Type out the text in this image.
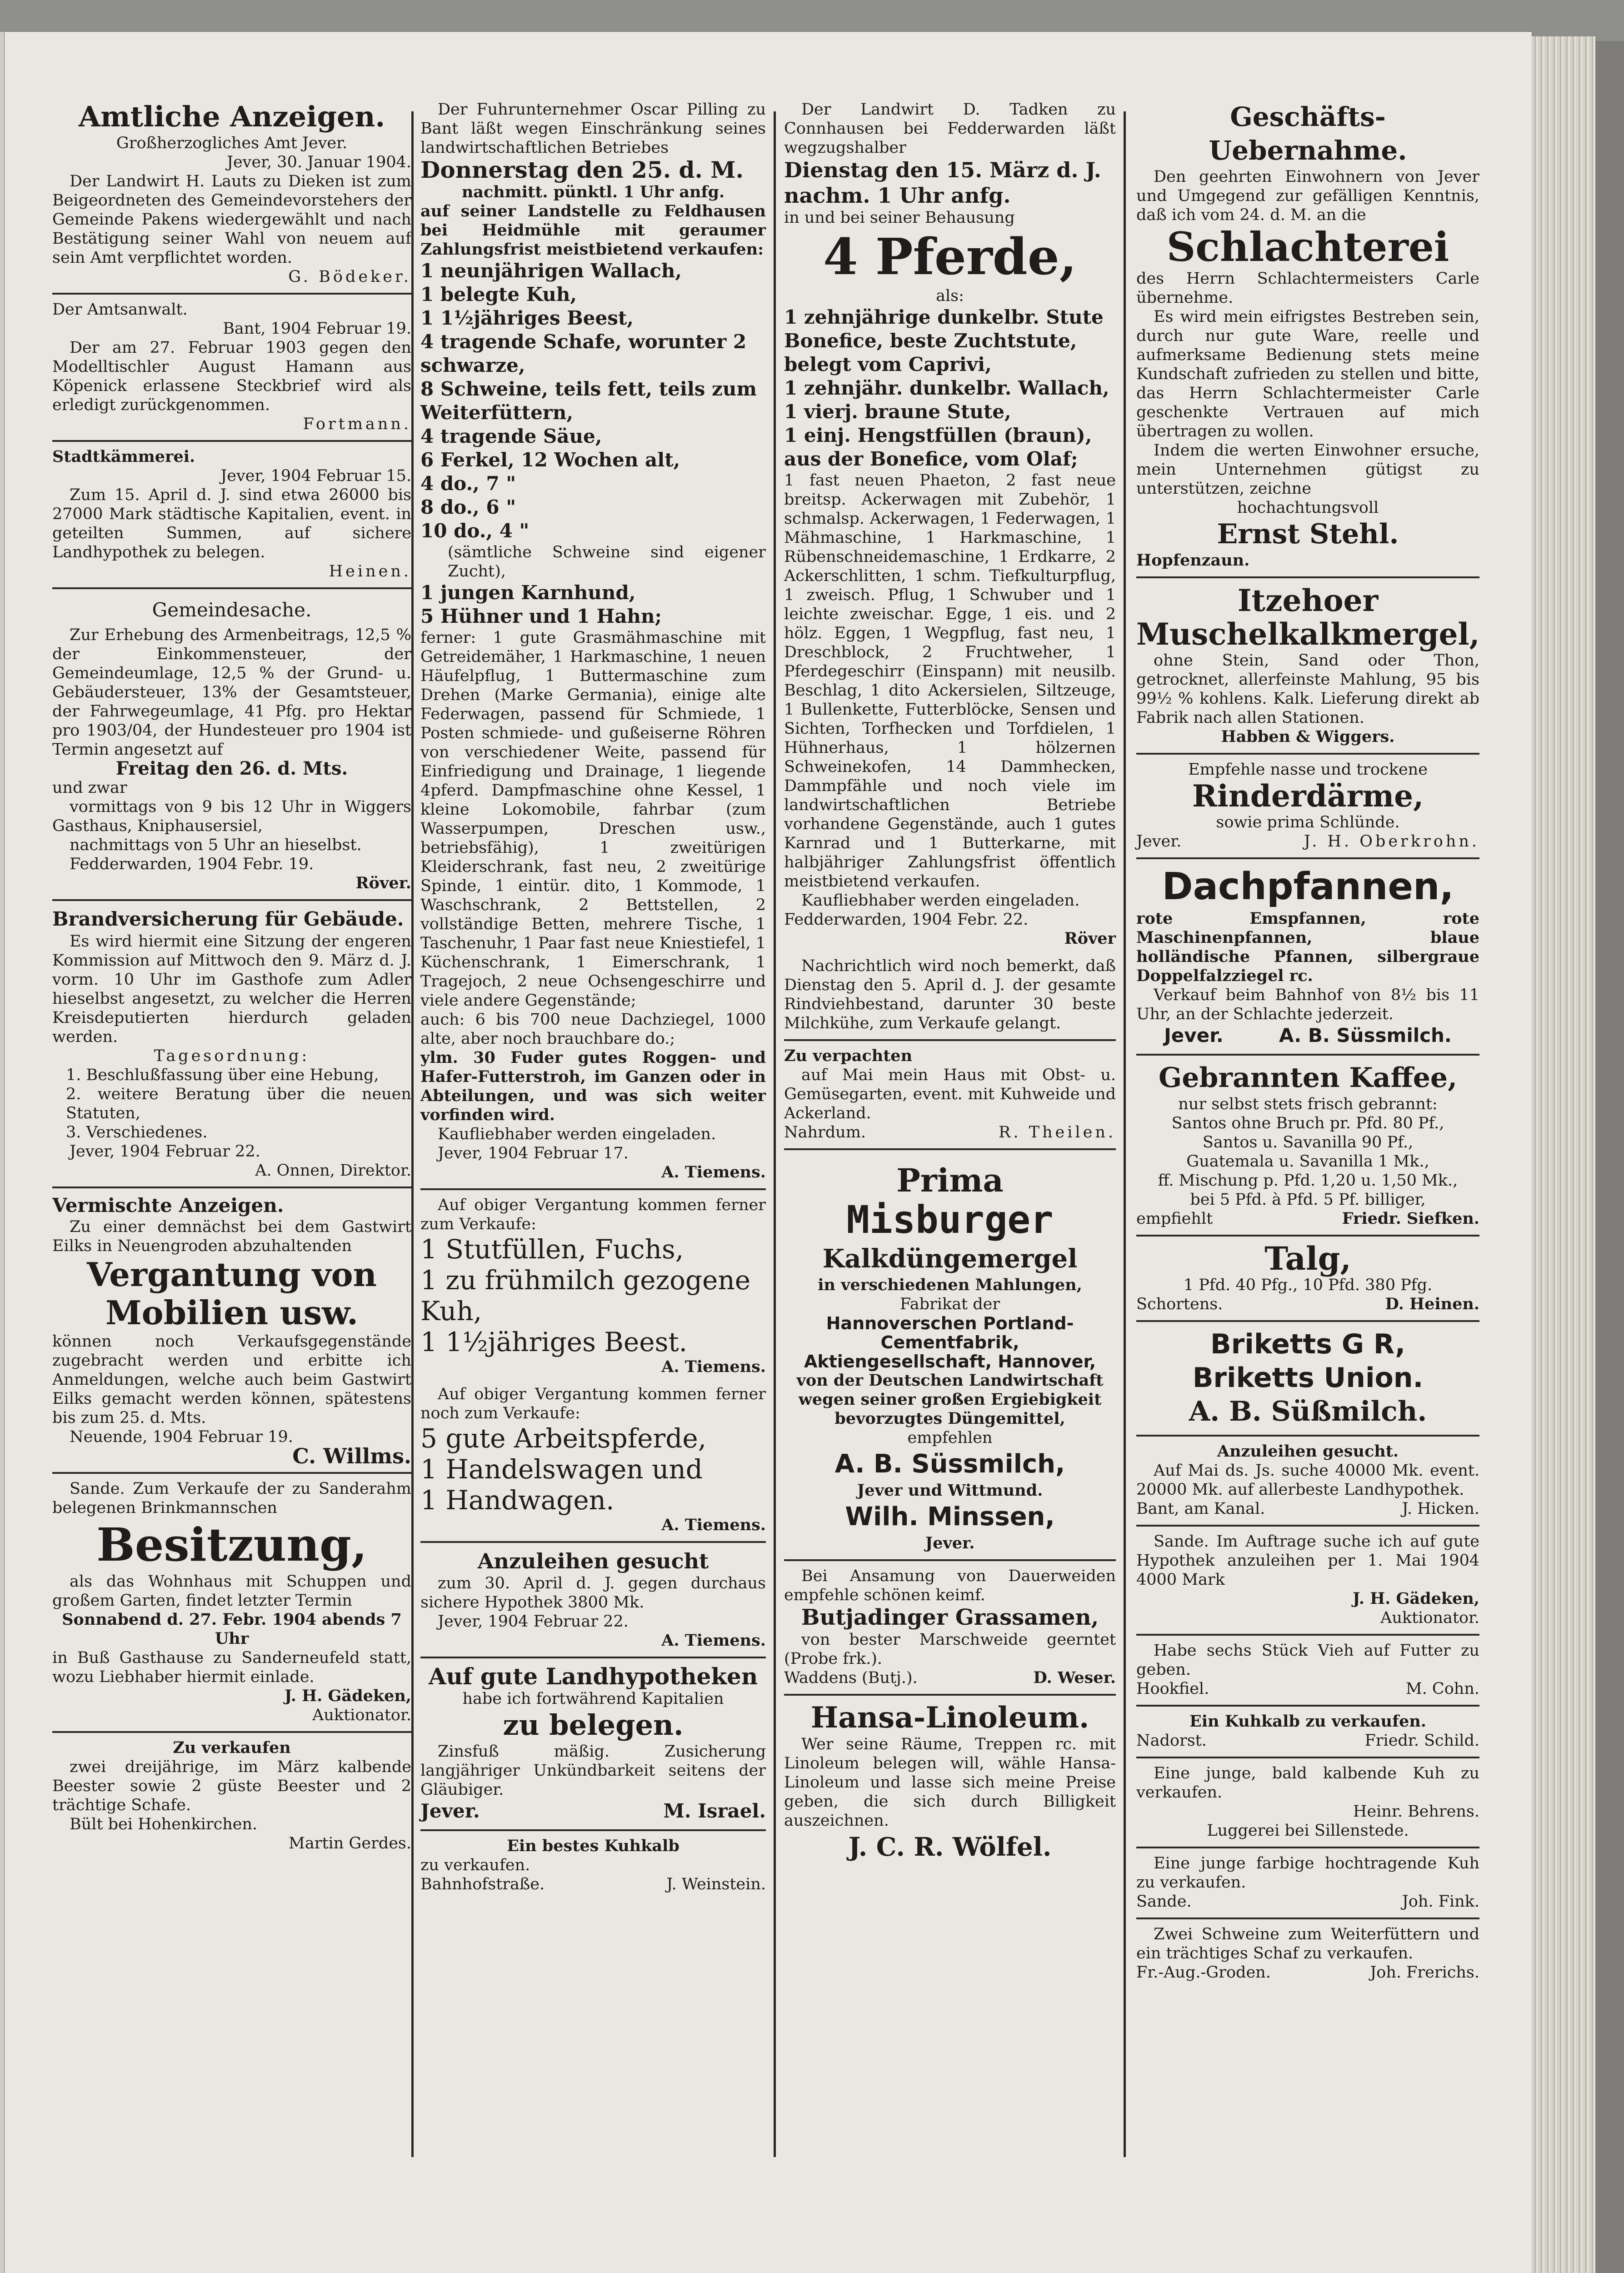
Amtliche Anzeigen.

Großherzogliches Amt Jever.

Jever, 30. Januar 1904.

Der Landwirt H. Lauts zu Dieken ist zum Beigeordneten des Gemeindevorstehers der Gemeinde Pakens wiedergewählt und nach Bestätigung seiner Wahl von neuem auf sein Amt verpflichtet worden.

G. Bödeker.

Der Amtsanwalt.

Bant, 1904 Februar 19.

Der am 27. Februar 1903 gegen den Modelltischler August Hamann aus Köpenick erlassene Steckbrief wird als erledigt zurückgenommen.

Fortmann.

Stadtkämmerei.

Jever, 1904 Februar 15.

Zum 15. April d. J. sind etwa 26000 bis 27000 Mark städtische Kapitalien, event. in geteilten Summen, auf sichere Landhypothek zu belegen.

Heinen.

Gemeindesache.

Zur Erhebung des Armenbeitrags, 12,5 % der Einkommensteuer, der Gemeindeumlage, 12,5 % der Grund- u. Gebäudersteuer, 13% der Gesamtsteuer, der Fahrwegeumlage, 41 Pfg. pro Hektar pro 1903/04, der Hundesteuer pro 1904 ist Termin angesetzt auf

Freitag den 26. d. Mts.

und zwar

vormittags von 9 bis 12 Uhr in Wiggers Gasthaus, Kniphausersiel,

nachmittags von 5 Uhr an hieselbst.

Fedderwarden, 1904 Febr. 19.

Röver.

Brandversicherung für Gebäude.

Es wird hiermit eine Sitzung der engeren Kommission auf Mittwoch den 9. März d. J. vorm. 10 Uhr im Gasthofe zum Adler hieselbst angesetzt, zu welcher die Herren Kreisdeputierten hierdurch geladen werden.

Tagesordnung:

1. Beschlußfassung über eine Hebung,

2. weitere Beratung über die neuen Statuten,

3. Verschiedenes.

Jever, 1904 Februar 22.

A. Onnen, Direktor.

Vermischte Anzeigen.

Zu einer demnächst bei dem Gastwirt Eilks in Neuengroden abzuhaltenden

Vergantung von Mobilien usw.

können noch Verkaufsgegenstände zugebracht werden und erbitte ich Anmeldungen, welche auch beim Gastwirt Eilks gemacht werden können, spätestens bis zum 25. d. Mts.

Neuende, 1904 Februar 19.

C. Willms.

Sande. Zum Verkaufe der zu Sanderahm belegenen Brinkmannschen

Besitzung,

als das Wohnhaus mit Schuppen und großem Garten, findet letzter Termin

Sonnabend d. 27. Febr. 1904 abends 7 Uhr

in Buß Gasthause zu Sanderneufeld statt, wozu Liebhaber hiermit einlade.

J. H. Gädeken,

Auktionator.

Zu verkaufen

zwei dreijährige, im März kalbende Beester sowie 2 güste Beester und 2 trächtige Schafe.

Bült bei Hohenkirchen.

Martin Gerdes.

Der Fuhrunternehmer Oscar Pilling zu Bant läßt wegen Einschränkung seines landwirtschaftlichen Betriebes

Donnerstag den 25. d. M.

nachmitt. pünktl. 1 Uhr anfg.

auf seiner Landstelle zu Feldhausen bei Heidmühle mit geraumer Zahlungsfrist meistbietend verkaufen:

1 neunjährigen Wallach,

1 belegte Kuh,

1 1½jähriges Beest,

4 tragende Schafe, worunter 2 schwarze,

8 Schweine, teils fett, teils zum Weiterfüttern,

4 tragende Säue,

6 Ferkel, 12 Wochen alt,

4 do., 7 "

8 do., 6 "

10 do., 4 "

(sämtliche Schweine sind eigener Zucht),

1 jungen Karnhund,

5 Hühner und 1 Hahn;

ferner: 1 gute Grasmähmaschine mit Getreidemäher, 1 Harkmaschine, 1 neuen Häufelpflug, 1 Buttermaschine zum Drehen (Marke Germania), einige alte Federwagen, passend für Schmiede, 1 Posten schmiede- und gußeiserne Röhren von verschiedener Weite, passend für Einfriedigung und Drainage, 1 liegende 4pferd. Dampfmaschine ohne Kessel, 1 kleine Lokomobile, fahrbar (zum Wasserpumpen, Dreschen usw., betriebsfähig), 1 zweitürigen Kleiderschrank, fast neu, 2 zweitürige Spinde, 1 eintür. dito, 1 Kommode, 1 Waschschrank, 2 Bettstellen, 2 vollständige Betten, mehrere Tische, 1 Taschenuhr, 1 Paar fast neue Kniestiefel, 1 Küchenschrank, 1 Eimerschrank, 1 Tragejoch, 2 neue Ochsengeschirre und viele andere Gegenstände;

auch: 6 bis 700 neue Dachziegel, 1000 alte, aber noch brauchbare do.;

ylm. 30 Fuder gutes Roggen- und Hafer-Futterstroh, im Ganzen oder in Abteilungen, und was sich weiter vorfinden wird.

Kaufliebhaber werden eingeladen.

Jever, 1904 Februar 17.

A. Tiemens.

Auf obiger Vergantung kommen ferner zum Verkaufe:

1 Stutfüllen, Fuchs,

1 zu frühmilch gezogene Kuh,

1 1½jähriges Beest.

A. Tiemens.

Auf obiger Vergantung kommen ferner noch zum Verkaufe:

5 gute Arbeitspferde,

1 Handelswagen und

1 Handwagen.

A. Tiemens.

Anzuleihen gesucht

zum 30. April d. J. gegen durchaus sichere Hypothek 3800 Mk.

Jever, 1904 Februar 22.

A. Tiemens.

Auf gute Landhypotheken

habe ich fortwährend Kapitalien

zu belegen.

Zinsfuß mäßig. Zusicherung langjähriger Unkündbarkeit seitens der Gläubiger.

Jever.	M. Israel.

Ein bestes Kuhkalb

zu verkaufen.

Bahnhofstraße.	J. Weinstein.

Der Landwirt D. Tadken zu Connhausen bei Fedderwarden läßt wegzugshalber

Dienstag den 15. März d. J. nachm. 1 Uhr anfg.

in und bei seiner Behausung

4 Pferde,

als:

1 zehnjährige dunkelbr. Stute Bonefice, beste Zuchtstute, belegt vom Caprivi,

1 zehnjähr. dunkelbr. Wallach,

1 vierj. braune Stute,

1 einj. Hengstfüllen (braun), aus der Bonefice, vom Olaf;

1 fast neuen Phaeton, 2 fast neue breitsp. Ackerwagen mit Zubehör, 1 schmalsp. Ackerwagen, 1 Federwagen, 1 Mähmaschine, 1 Harkmaschine, 1 Rübenschneidemaschine, 1 Erdkarre, 2 Ackerschlitten, 1 schm. Tiefkulturpflug, 1 zweisch. Pflug, 1 Schwuber und 1 leichte zweischar. Egge, 1 eis. und 2 hölz. Eggen, 1 Wegpflug, fast neu, 1 Dreschblock, 2 Fruchtweher, 1 Pferdegeschirr (Einspann) mit neusilb. Beschlag, 1 dito Ackersielen, Siltzeuge, 1 Bullenkette, Futterblöcke, Sensen und Sichten, Torfhecken und Torfdielen, 1 Hühnerhaus, 1 hölzernen Schweinekofen, 14 Dammhecken, Dammpfähle und noch viele im landwirtschaftlichen Betriebe vorhandene Gegenstände, auch 1 gutes Karnrad und 1 Butterkarne, mit halbjähriger Zahlungsfrist öffentlich meistbietend verkaufen.

Kaufliebhaber werden eingeladen.

Fedderwarden, 1904 Febr. 22.

Röver

Nachrichtlich wird noch bemerkt, daß Dienstag den 5. April d. J. der gesamte Rindviehbestand, darunter 30 beste Milchkühe, zum Verkaufe gelangt.

Zu verpachten

auf Mai mein Haus mit Obst- u. Gemüsegarten, event. mit Kuhweide und Ackerland.

Nahrdum.	R. Theilen.

Prima

Misburger

Kalkdüngemergel

in verschiedenen Mahlungen,

Fabrikat der

Hannoverschen Portland-Cementfabrik, Aktiengesellschaft, Hannover,

von der Deutschen Landwirtschaft wegen seiner großen Ergiebigkeit bevorzugtes Düngemittel,

empfehlen

A. B. Süssmilch,

Jever und Wittmund.

Wilh. Minssen,

Jever.

Bei Ansamung von Dauerweiden empfehle schönen keimf.

Butjadinger Grassamen,

von bester Marschweide geerntet (Probe frk.).

Waddens (Butj.).	D. Weser.

Hansa-Linoleum.

Wer seine Räume, Treppen rc. mit Linoleum belegen will, wähle Hansa-Linoleum und lasse sich meine Preise geben, die sich durch Billigkeit auszeichnen.

J. C. R. Wölfel.

Geschäfts-Uebernahme.

Den geehrten Einwohnern von Jever und Umgegend zur gefälligen Kenntnis, daß ich vom 24. d. M. an die

Schlachterei

des Herrn Schlachtermeisters Carle übernehme.

Es wird mein eifrigstes Bestreben sein, durch nur gute Ware, reelle und aufmerksame Bedienung stets meine Kundschaft zufrieden zu stellen und bitte, das Herrn Schlachtermeister Carle geschenkte Vertrauen auf mich übertragen zu wollen.

Indem die werten Einwohner ersuche, mein Unternehmen gütigst zu unterstützen, zeichne

hochachtungsvoll

Ernst Stehl.

Hopfenzaun.

Itzehoer

Muschelkalkmergel,

ohne Stein, Sand oder Thon, getrocknet, allerfeinste Mahlung, 95 bis 99½ % kohlens. Kalk. Lieferung direkt ab Fabrik nach allen Stationen.

Habben & Wiggers.

Empfehle nasse und trockene

Rinderdärme,

sowie prima Schlünde.

Jever.	J. H. Oberkrohn.

Dachpfannen,

rote Emspfannen, rote Maschinenpfannen, blaue holländische Pfannen, silbergraue Doppelfalzziegel rc.

Verkauf beim Bahnhof von 8½ bis 11 Uhr, an der Schlachte jederzeit.

Jever.	A. B. Süssmilch.

Gebrannten Kaffee,

nur selbst stets frisch gebrannt:

Santos ohne Bruch pr. Pfd. 80 Pf.,

Santos u. Savanilla 90 Pf.,

Guatemala u. Savanilla 1 Mk.,

ff. Mischung p. Pfd. 1,20 u. 1,50 Mk.,

bei 5 Pfd. à Pfd. 5 Pf. billiger,

empfiehlt	Friedr. Siefken.

Talg,

1 Pfd. 40 Pfg., 10 Pfd. 380 Pfg.

Schortens.	D. Heinen.

Briketts G R,

Briketts Union.

A. B. Süßmilch.

Anzuleihen gesucht.

Auf Mai ds. Js. suche 40000 Mk. event. 20000 Mk. auf allerbeste Landhypothek.

Bant, am Kanal.	J. Hicken.

Sande. Im Auftrage suche ich auf gute Hypothek anzuleihen per 1. Mai 1904 4000 Mark

J. H. Gädeken,

Auktionator.

Habe sechs Stück Vieh auf Futter zu geben.

Hookfiel.	M. Cohn.

Ein Kuhkalb zu verkaufen.

Nadorst.	Friedr. Schild.

Eine junge, bald kalbende Kuh zu verkaufen.

Heinr. Behrens.

Luggerei bei Sillenstede.

Eine junge farbige hochtragende Kuh zu verkaufen.

Sande.	Joh. Fink.

Zwei Schweine zum Weiterfüttern und ein trächtiges Schaf zu verkaufen.

Fr.-Aug.-Groden.	Joh. Frerichs.
